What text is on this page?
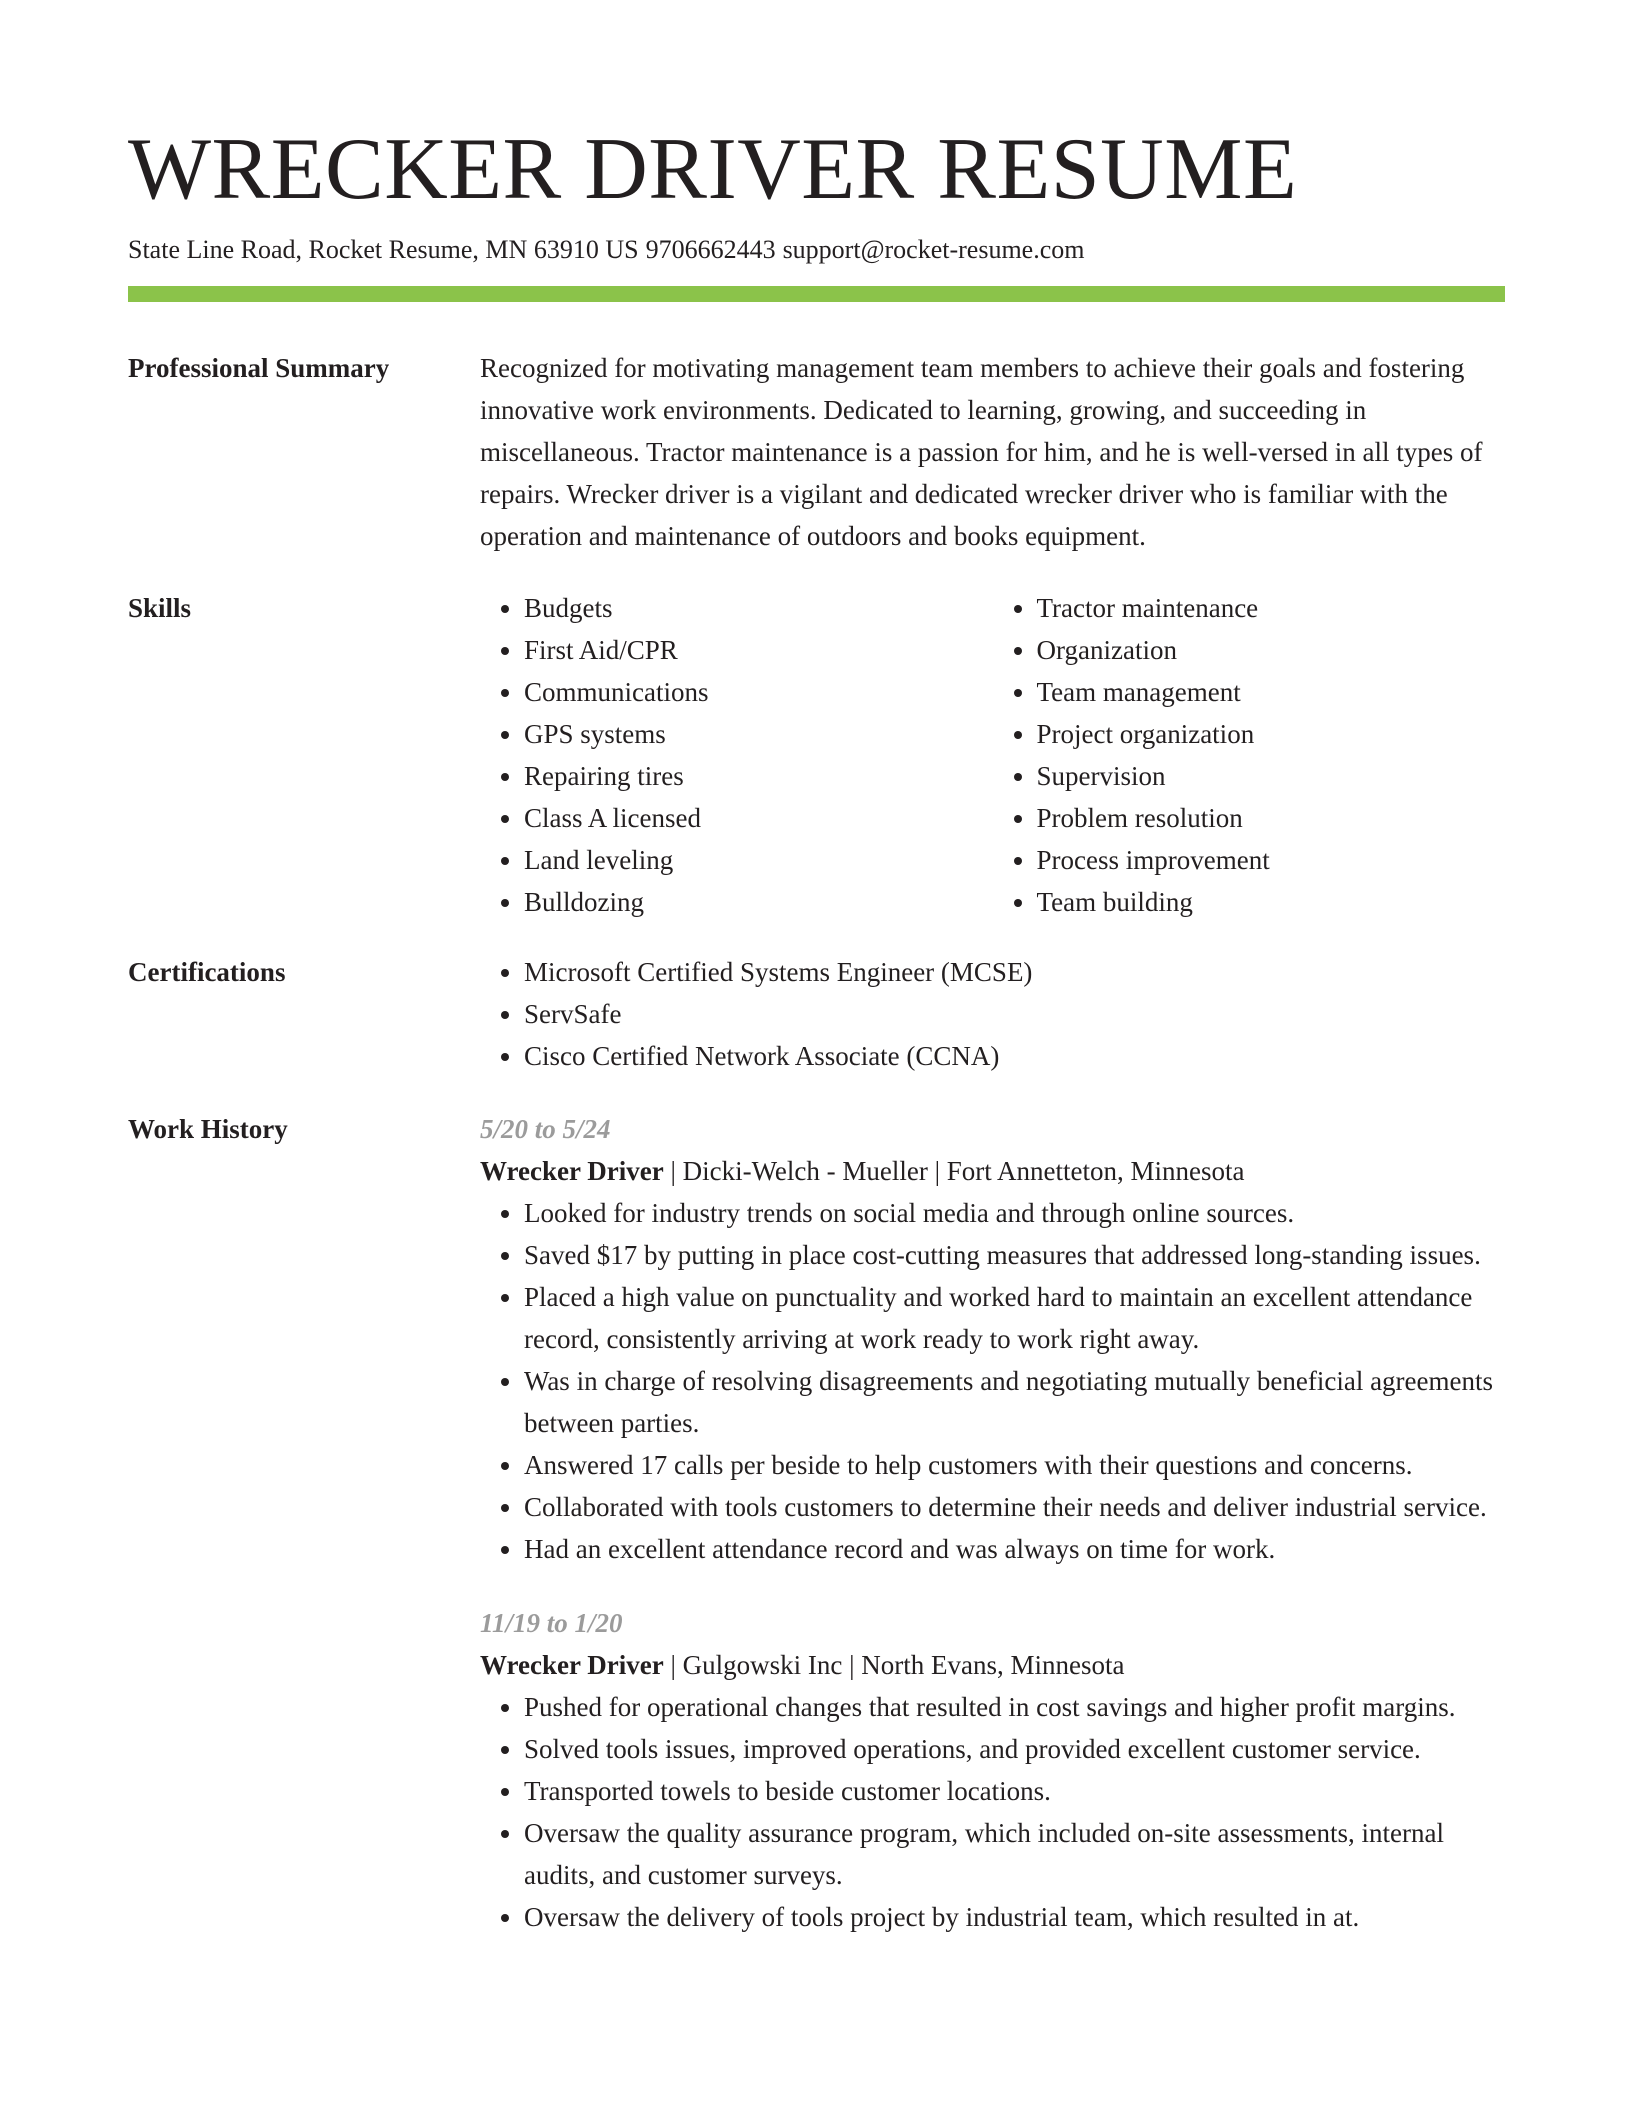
WRECKER DRIVER RESUME
State Line Road, Rocket Resume, MN 63910 US 9706662443 support@rocket-resume.com
Professional Summary	Recognized for motivating management team members to achieve their goals and fostering innovative work environments. Dedicated to learning, growing, and succeeding in miscellaneous. Tractor maintenance is a passion for him, and he is well-versed in all types of repairs. Wrecker driver is a vigilant and dedicated wrecker driver who is familiar with the operation and maintenance of outdoors and books equipment.

Skills	• Budgets
• First Aid/CPR
• Communications
• GPS systems
• Repairing tires
• Class A licensed
• Land leveling
• Bulldozing
• Tractor maintenance
• Organization
• Team management
• Project organization
• Supervision
• Problem resolution
• Process improvement
• Team building
Certifications	• Microsoft Certified Systems Engineer (MCSE)
• ServSafe
• Cisco Certified Network Associate (CCNA)
Work History	5/20 to 5/24

Wrecker Driver | Dicki-Welch - Mueller | Fort Annetteton, Minnesota

• Looked for industry trends on social media and through online sources.
• Saved $17 by putting in place cost-cutting measures that addressed long-standing issues.
• Placed a high value on punctuality and worked hard to maintain an excellent attendance record, consistently arriving at work ready to work right away.
• Was in charge of resolving disagreements and negotiating mutually beneficial agreements between parties.
• Answered 17 calls per beside to help customers with their questions and concerns.
• Collaborated with tools customers to determine their needs and deliver industrial service.
• Had an excellent attendance record and was always on time for work.

11/19 to 1/20

Wrecker Driver | Gulgowski Inc | North Evans, Minnesota

• Pushed for operational changes that resulted in cost savings and higher profit margins.
• Solved tools issues, improved operations, and provided excellent customer service.
• Transported towels to beside customer locations.
• Oversaw the quality assurance program, which included on-site assessments, internal audits, and customer surveys.
• Oversaw the delivery of tools project by industrial team, which resulted in at.
